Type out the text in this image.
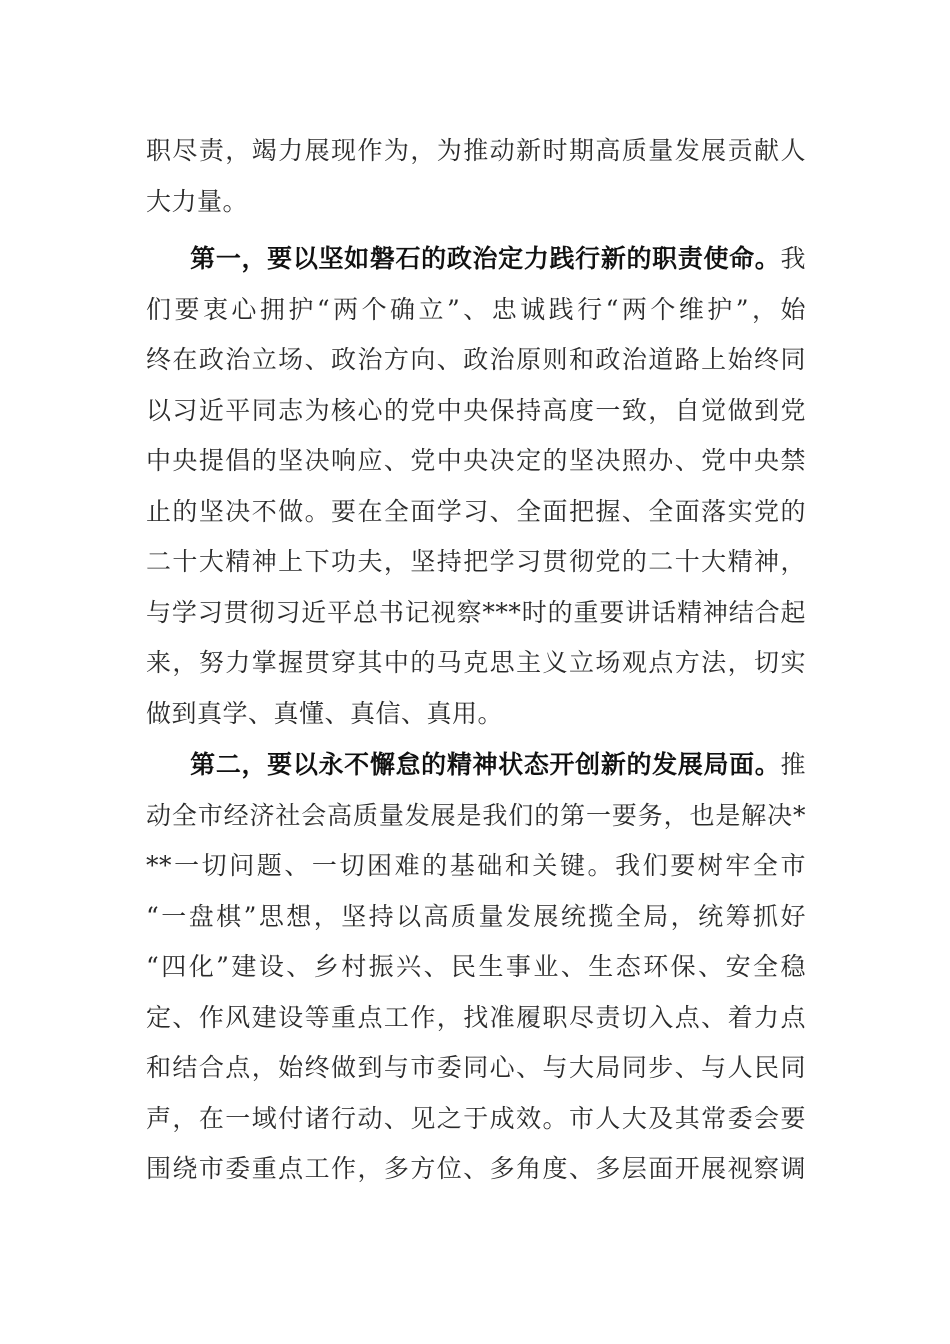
职尽责，竭力展现作为，为推动新时期高质量发展贡献人
大力量。
第一，要以坚如磐石的政治定力践行新的职责使命。我
们要衷心拥护“两个确立”、忠诚践行“两个维护”，始
终在政治立场、政治方向、政治原则和政治道路上始终同
以习近平同志为核心的党中央保持高度一致，自觉做到党
中央提倡的坚决响应、党中央决定的坚决照办、党中央禁
止的坚决不做。要在全面学习、全面把握、全面落实党的
二十大精神上下功夫，坚持把学习贯彻党的二十大精神，
与学习贯彻习近平总书记视察***时的重要讲话精神结合起
来，努力掌握贯穿其中的马克思主义立场观点方法，切实
做到真学、真懂、真信、真用。
第二，要以永不懈怠的精神状态开创新的发展局面。推
动全市经济社会高质量发展是我们的第一要务，也是解决*
**一切问题、一切困难的基础和关键。我们要树牢全市
“一盘棋”思想，坚持以高质量发展统揽全局，统筹抓好
“四化”建设、乡村振兴、民生事业、生态环保、安全稳
定、作风建设等重点工作，找准履职尽责切入点、着力点
和结合点，始终做到与市委同心、与大局同步、与人民同
声，在一域付诸行动、见之于成效。市人大及其常委会要
围绕市委重点工作，多方位、多角度、多层面开展视察调
